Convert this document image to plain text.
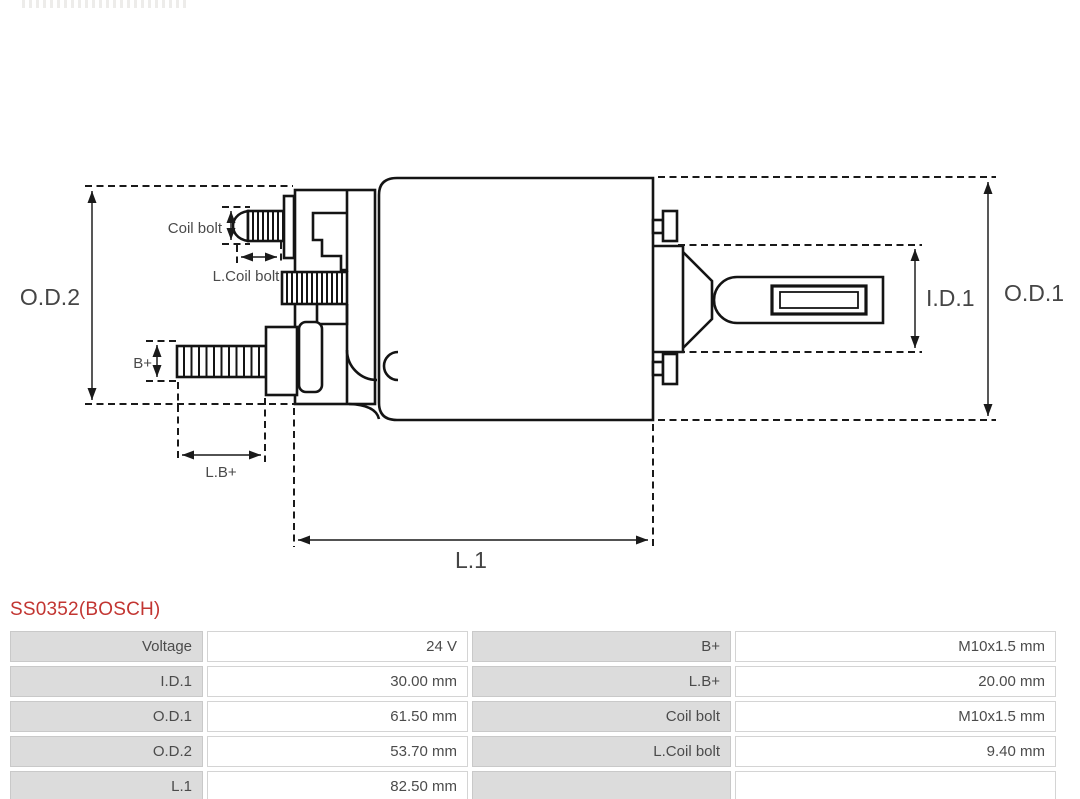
O.D.2	O.D.1
I.D.1
L.1
Coil bolt
L.Coil bolt
B+
L.B+
SS0352(BOSCH)
Voltage	24 V	B+	M10x1.5 mm
I.D.1	30.00 mm	L.B+	20.00 mm
O.D.1	61.50 mm	Coil bolt	M10x1.5 mm
O.D.2	53.70 mm	L.Coil bolt	9.40 mm
L.1	82.50 mm		
